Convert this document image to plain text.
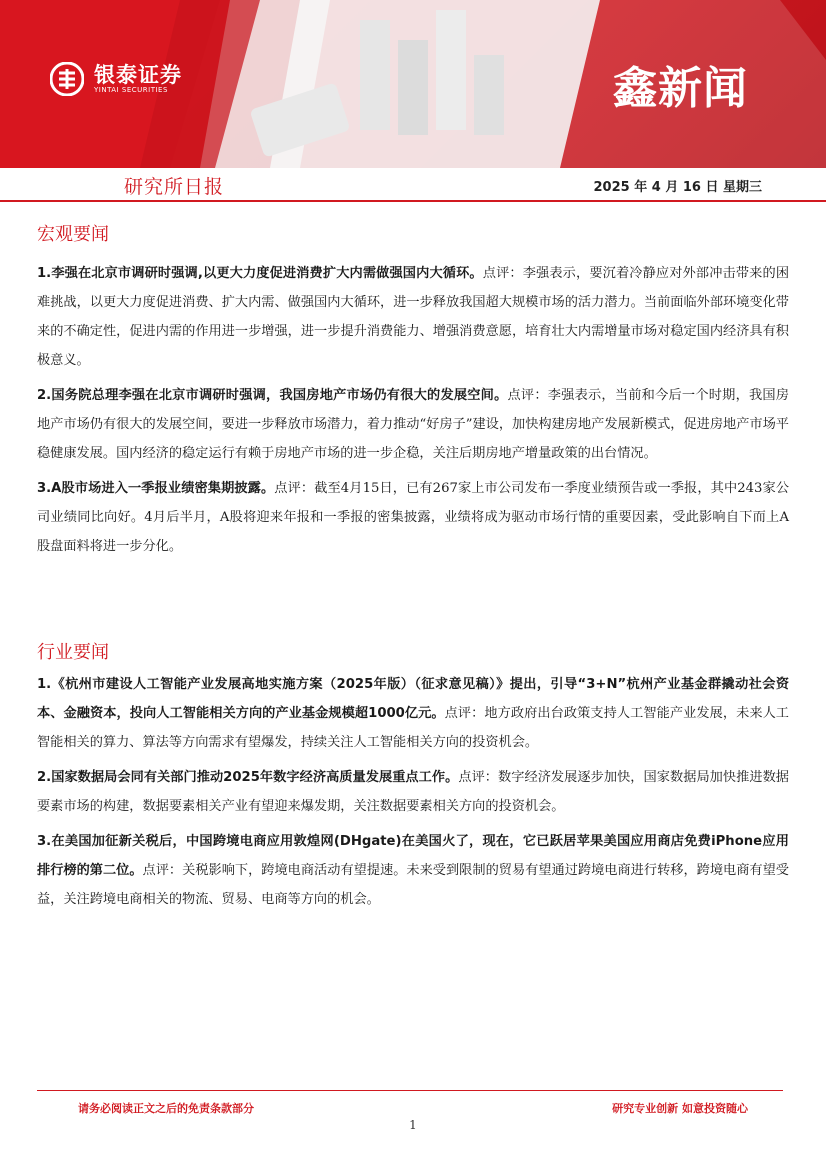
银泰证券
YINTAI SECURITIES	鑫新闻
研究所日报	2025 年 4 月 16 日 星期三
宏观要闻

1.李强在北京市调研时强调,以更大力度促进消费扩大内需做强国内大循环。点评：李强表示，要沉着冷静应对外部冲击带来的困难挑战，以更大力度促进消费、扩大内需、做强国内大循环，进一步释放我国超大规模市场的活力潜力。当前面临外部环境变化带来的不确定性，促进内需的作用进一步增强，进一步提升消费能力、增强消费意愿，培育壮大内需增量市场对稳定国内经济具有积极意义。

2.国务院总理李强在北京市调研时强调，我国房地产市场仍有很大的发展空间。点评：李强表示，当前和今后一个时期，我国房地产市场仍有很大的发展空间，要进一步释放市场潜力，着力推动“好房子”建设，加快构建房地产发展新模式，促进房地产市场平稳健康发展。国内经济的稳定运行有赖于房地产市场的进一步企稳，关注后期房地产增量政策的出台情况。

3.A股市场进入一季报业绩密集期披露。点评：截至4月15日，已有267家上市公司发布一季度业绩预告或一季报，其中243家公司业绩同比向好。4月后半月，A股将迎来年报和一季报的密集披露，业绩将成为驱动市场行情的重要因素，受此影响自下而上A股盘面料将进一步分化。

行业要闻

1.《杭州市建设人工智能产业发展高地实施方案（2025年版）（征求意见稿）》提出，引导“3+N”杭州产业基金群撬动社会资本、金融资本，投向人工智能相关方向的产业基金规模超1000亿元。点评：地方政府出台政策支持人工智能产业发展，未来人工智能相关的算力、算法等方向需求有望爆发，持续关注人工智能相关方向的投资机会。

2.国家数据局会同有关部门推动2025年数字经济高质量发展重点工作。点评：数字经济发展逐步加快，国家数据局加快推进数据要素市场的构建，数据要素相关产业有望迎来爆发期，关注数据要素相关方向的投资机会。

3.在美国加征新关税后，中国跨境电商应用敦煌网(DHgate)在美国火了，现在，它已跃居苹果美国应用商店免费iPhone应用排行榜的第二位。点评：关税影响下，跨境电商活动有望提速。未来受到限制的贸易有望通过跨境电商进行转移，跨境电商有望受益，关注跨境电商相关的物流、贸易、电商等方向的机会。

请务必阅读正文之后的免责条款部分	研究专业创新 如意投资随心
1
